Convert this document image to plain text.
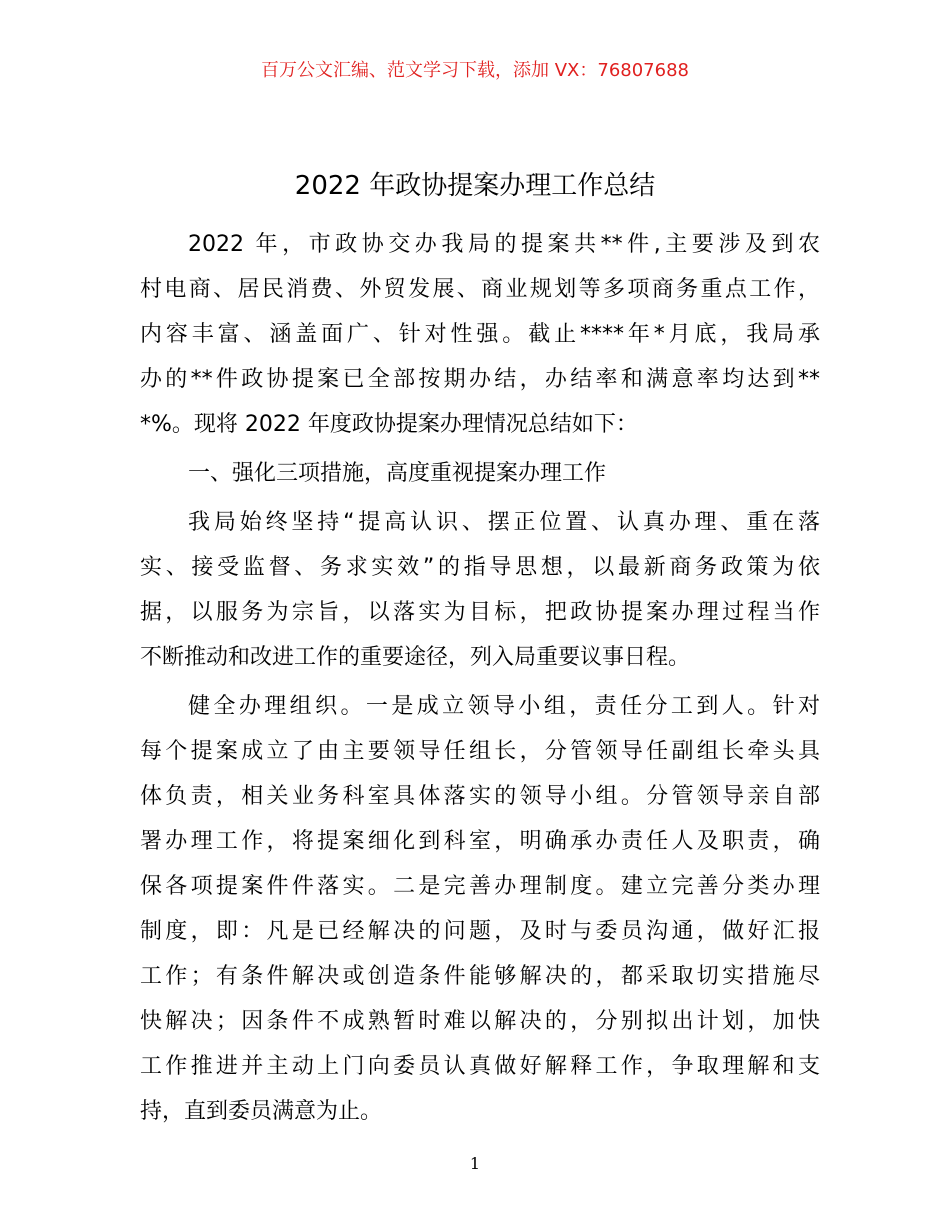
百万公文汇编、范文学习下载，添加 VX：76807688
2022 年政协提案办理工作总结
2022 年，市政协交办我局的提案共**件,主要涉及到农
村电商、居民消费、外贸发展、商业规划等多项商务重点工作，
内容丰富、涵盖面广、针对性强。截止****年*月底，我局承
办的**件政协提案已全部按期办结，办结率和满意率均达到**
*%。现将 2022 年度政协提案办理情况总结如下：
一、强化三项措施，高度重视提案办理工作
我局始终坚持“提高认识、摆正位置、认真办理、重在落
实、接受监督、务求实效”的指导思想，以最新商务政策为依
据，以服务为宗旨，以落实为目标，把政协提案办理过程当作
不断推动和改进工作的重要途径，列入局重要议事日程。
健全办理组织。一是成立领导小组，责任分工到人。针对
每个提案成立了由主要领导任组长，分管领导任副组长牵头具
体负责，相关业务科室具体落实的领导小组。分管领导亲自部
署办理工作，将提案细化到科室，明确承办责任人及职责，确
保各项提案件件落实。二是完善办理制度。建立完善分类办理
制度，即：凡是已经解决的问题，及时与委员沟通，做好汇报
工作；有条件解决或创造条件能够解决的，都采取切实措施尽
快解决；因条件不成熟暂时难以解决的，分别拟出计划，加快
工作推进并主动上门向委员认真做好解释工作，争取理解和支
持，直到委员满意为止。
1
